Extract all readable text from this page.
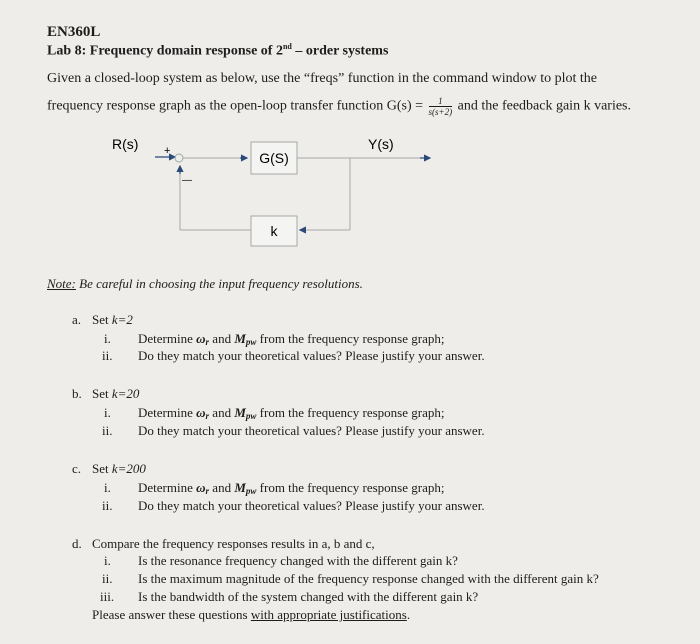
EN360L
Lab 8: Frequency domain response of 2nd – order systems
Given a closed-loop system as below, use the “freqs” function in the command window to plot the
frequency response graph as the open-loop transfer function $G(s) = \frac{1}{s(s+2)}$ and the feedback gain k varies.
R(s) +
—
Y(s)
G(S)
k
Note: Be careful in choosing the input frequency resolutions.
a. Set k=2
i. Determine ωr and Mpw from the frequency response graph;
ii. Do they match your theoretical values? Please justify your answer.
b. Set k=20
i. Determine ωr and Mpw from the frequency response graph;
ii. Do they match your theoretical values? Please justify your answer.
c. Set k=200
i. Determine ωr and Mpw from the frequency response graph;
ii. Do they match your theoretical values? Please justify your answer.
d. Compare the frequency responses results in a, b and c,
i. Is the resonance frequency changed with the different gain k?
ii. Is the maximum magnitude of the frequency response changed with the different gain k?
iii. Is the bandwidth of the system changed with the different gain k?
Please answer these questions with appropriate justifications.
